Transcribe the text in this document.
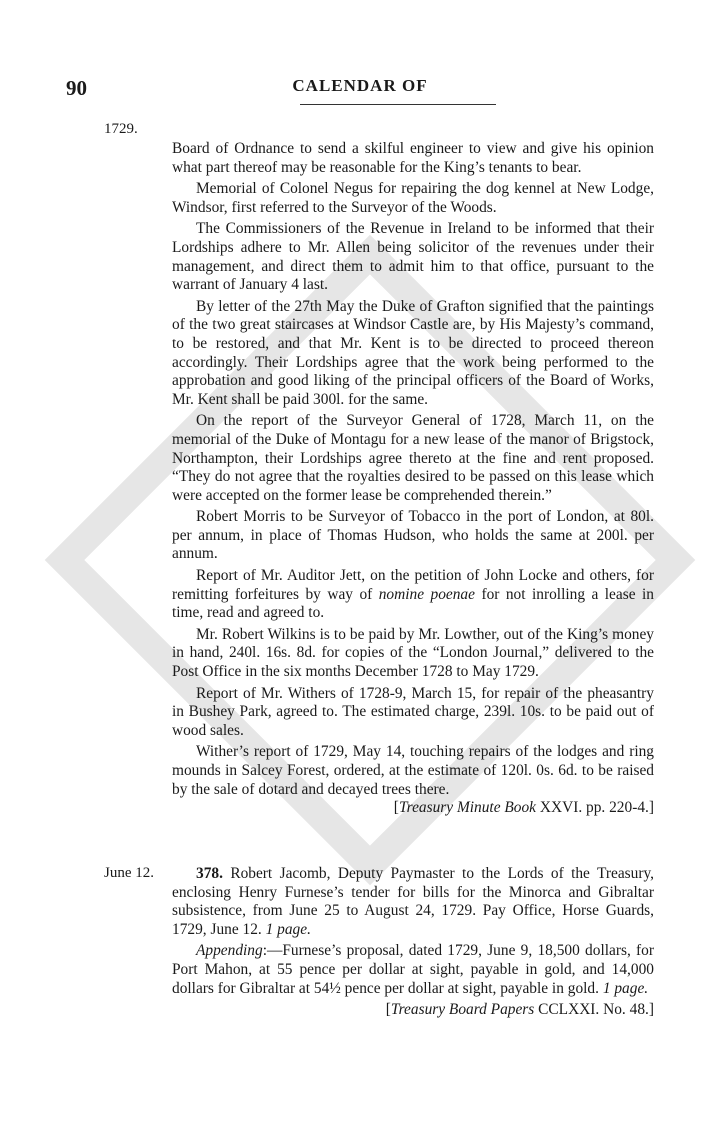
90	CALENDAR OF
1729.
June 12.

Board of Ordnance to send a skilful engineer to view and give his opinion what part thereof may be reasonable for the King’s tenants to bear.

Memorial of Colonel Negus for repairing the dog kennel at New Lodge, Windsor, first referred to the Surveyor of the Woods.

The Commissioners of the Revenue in Ireland to be informed that their Lordships adhere to Mr. Allen being solicitor of the revenues under their management, and direct them to admit him to that office, pursuant to the warrant of January 4 last.

By letter of the 27th May the Duke of Grafton signified that the paintings of the two great staircases at Windsor Castle are, by His Majesty’s command, to be restored, and that Mr. Kent is to be directed to proceed thereon accordingly. Their Lordships agree that the work being performed to the approbation and good liking of the principal officers of the Board of Works, Mr. Kent shall be paid 300l. for the same.

On the report of the Surveyor General of 1728, March 11, on the memorial of the Duke of Montagu for a new lease of the manor of Brigstock, Northampton, their Lordships agree thereto at the fine and rent proposed. “They do not agree that the royalties desired to be passed on this lease which were accepted on the former lease be comprehended therein.”

Robert Morris to be Surveyor of Tobacco in the port of London, at 80l. per annum, in place of Thomas Hudson, who holds the same at 200l. per annum.

Report of Mr. Auditor Jett, on the petition of John Locke and others, for remitting forfeitures by way of nomine poenae for not inrolling a lease in time, read and agreed to.

Mr. Robert Wilkins is to be paid by Mr. Lowther, out of the King’s money in hand, 240l. 16s. 8d. for copies of the “London Journal,” delivered to the Post Office in the six months December 1728 to May 1729.

Report of Mr. Withers of 1728-9, March 15, for repair of the pheasantry in Bushey Park, agreed to. The estimated charge, 239l. 10s. to be paid out of wood sales.

Wither’s report of 1729, May 14, touching repairs of the lodges and ring mounds in Salcey Forest, ordered, at the estimate of 120l. 0s. 6d. to be raised by the sale of dotard and decayed trees there.
[Treasury Minute Book XXVI. pp. 220-4.]

378. Robert Jacomb, Deputy Paymaster to the Lords of the Treasury, enclosing Henry Furnese’s tender for bills for the Minorca and Gibraltar subsistence, from June 25 to August 24, 1729. Pay Office, Horse Guards, 1729, June 12. 1 page.

Appending:—Furnese’s proposal, dated 1729, June 9, 18,500 dollars, for Port Mahon, at 55 pence per dollar at sight, payable in gold, and 14,000 dollars for Gibraltar at 54½ pence per dollar at sight, payable in gold. 1 page.

[Treasury Board Papers CCLXXI. No. 48.]
